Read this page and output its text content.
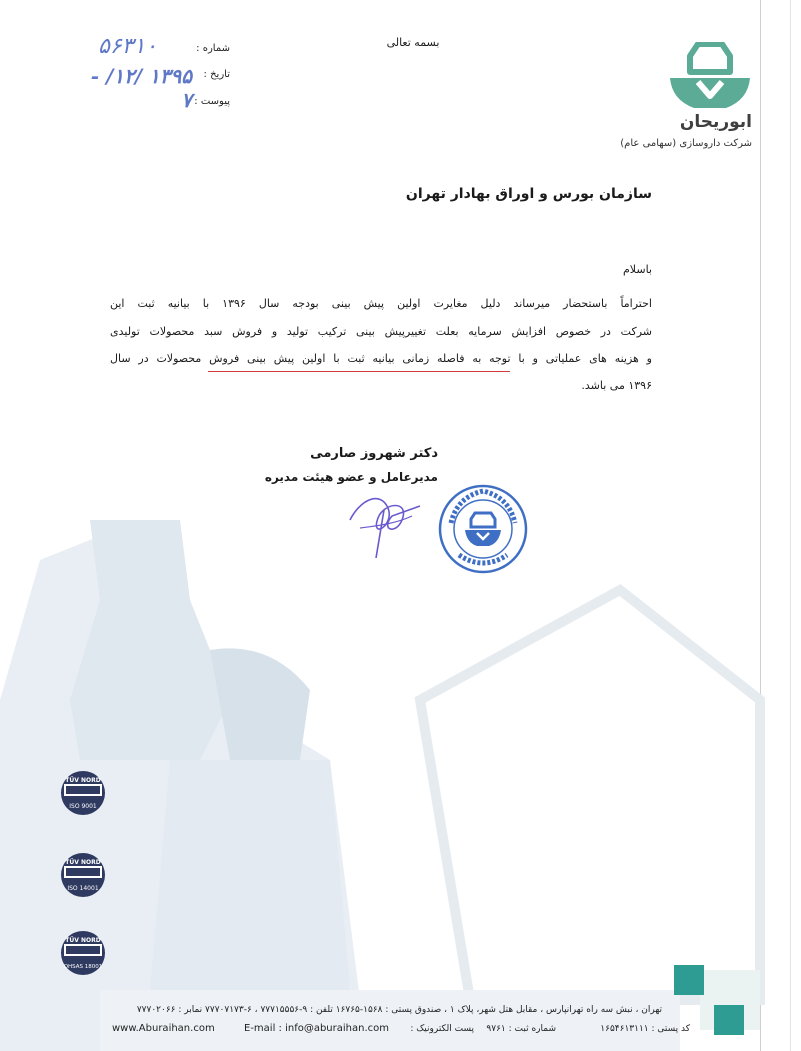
بسمه تعالی
شماره :
۵۶۳۱۰
تاریخ :
۱۳۹۵ /۱۲/ - ۷ پیوست :
ابوریحان
شرکت داروسازی (سهامی عام)
سازمان بورس و اوراق بهادار تهران
باسلام
احتراماً باستحضار میرساند دلیل مغایرت اولین پیش بینی بودجه سال ۱۳۹۶ با بیانیه ثبت این
شرکت در خصوص افزایش سرمایه بعلت تغییرپیش بینی ترکیب تولید و فروش سبد محصولات تولیدی
و هزینه های عملیاتی و با توجه به فاصله زمانی بیانیه ثبت با اولین پیش بینی فروش محصولات در سال
۱۳۹۶ می باشد.
دکتر شهروز صارمی
مدیرعامل و عضو هیئت مدیره
TÜV NORD
ISO 9001
TÜV NORD
ISO 14001
TÜV NORD
OHSAS 18001
تهران ، نبش سه راه تهرانپارس ، مقابل هتل شهر، پلاک ۱ ، صندوق پستی : ۱۵۶۸-۱۶۷۶۵ تلفن : ۹-۷۷۷۱۵۵۵۶ ، ۶-۷۷۷۰۷۱۷۳ نمابر : ۷۷۷۰۲۰۶۶
کد پستی : ۱۶۵۴۶۱۳۱۱۱
شماره ثبت : ۹۷۶۱
پست الکترونیک :
E-mail : info@aburaihan.com
www.Aburaihan.com
